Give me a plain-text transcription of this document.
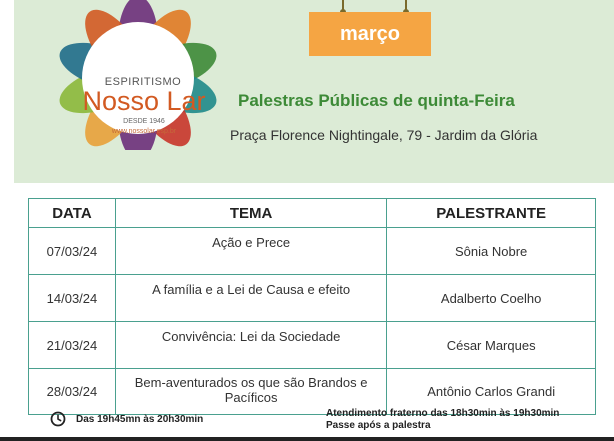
ESPIRITISMO
Nosso Lar
DESDE 1946
www.nossolar.esp.br
março
Palestras Públicas de quinta-Feira
Praça Florence Nightingale, 79 - Jardim da Glória
DATA	TEMA	PALESTRANTE
07/03/24	Ação e Prece	Sônia Nobre
14/03/24	A família e a Lei de Causa e efeito	Adalberto Coelho
21/03/24	Convivência: Lei da Sociedade	César Marques
28/03/24	Bem-aventurados os que são Brandos e Pacíficos	Antônio Carlos Grandi
Das 19h45mn às 20h30min
Atendimento fraterno das 18h30min às 19h30min
Passe após a palestra
